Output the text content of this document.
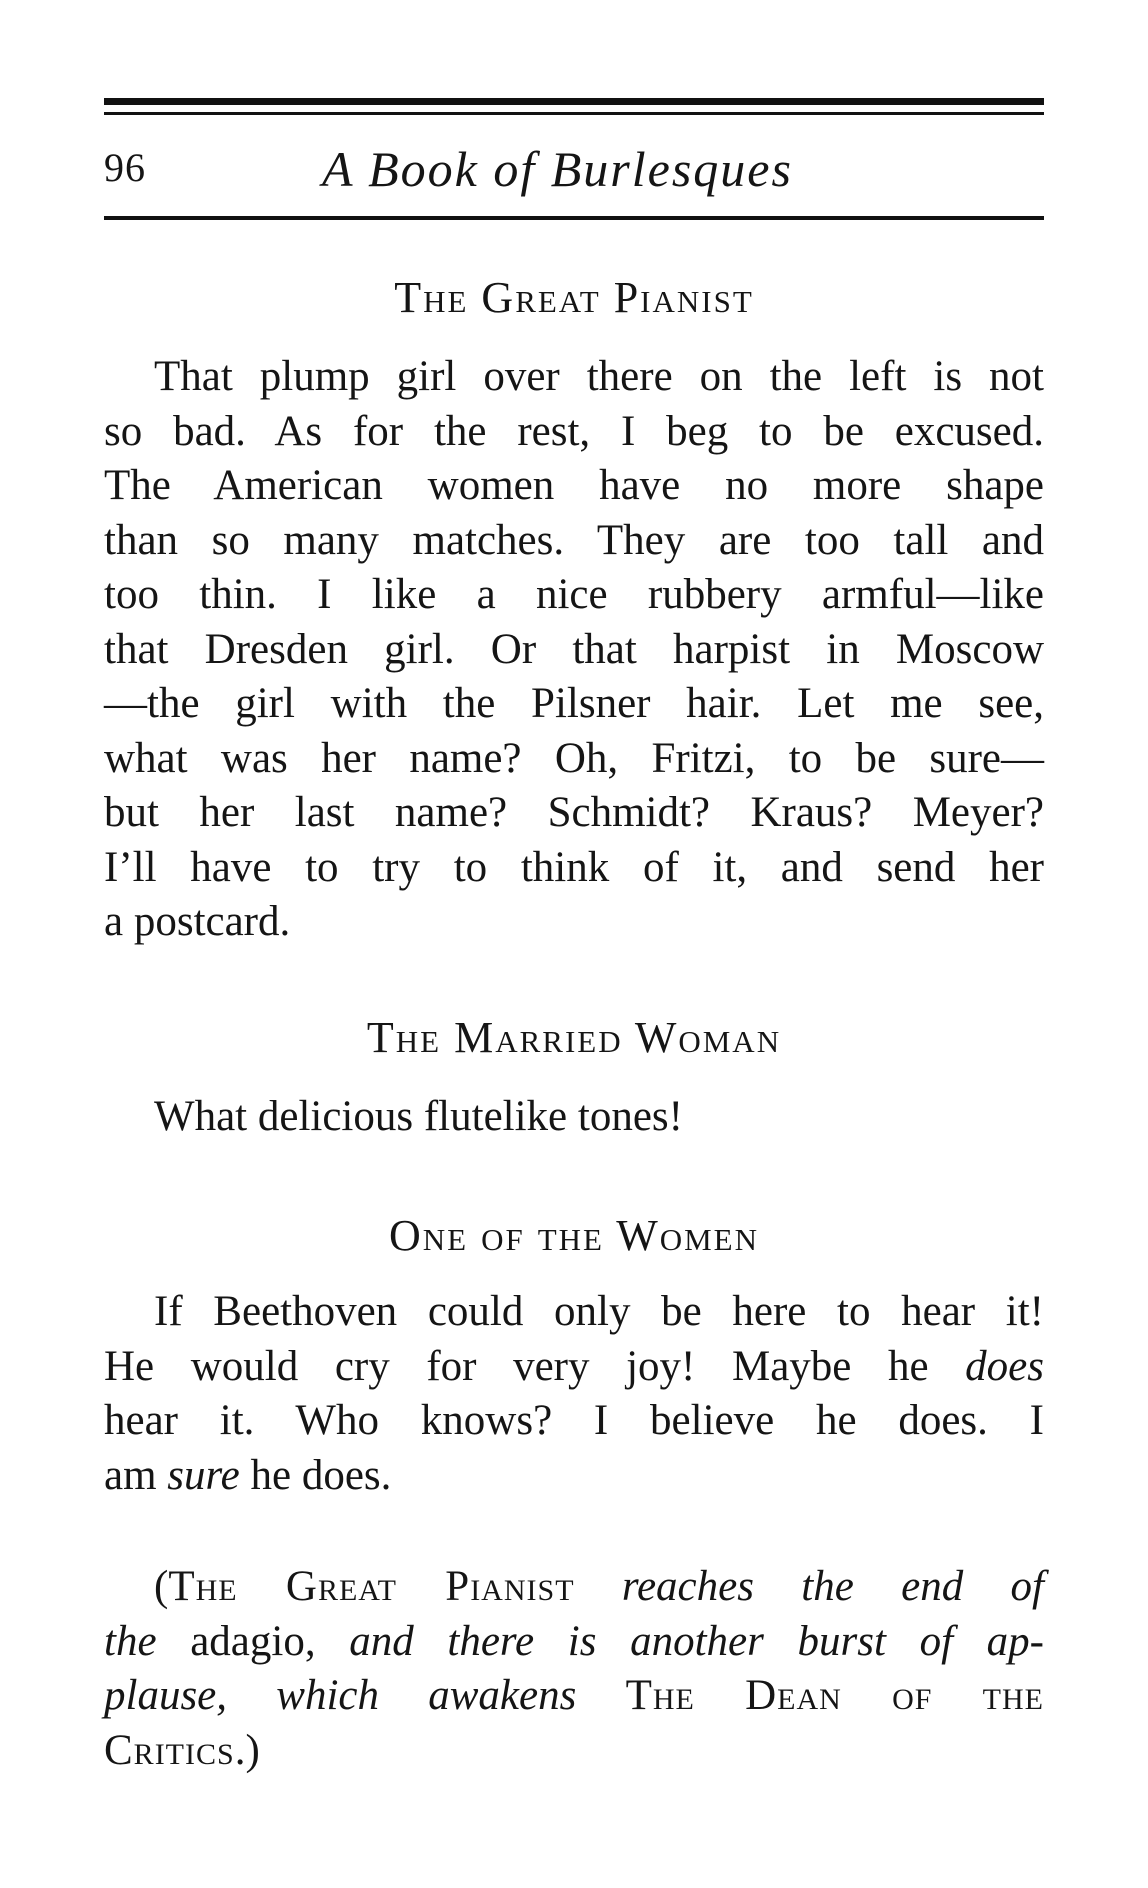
96	A Book of Burlesques

The Great Pianist

That plump girl over there on the left is not
so bad. As for the rest, I beg to be excused.
The American women have no more shape
than so many matches. They are too tall and
too thin. I like a nice rubbery armful—like
that Dresden girl. Or that harpist in Moscow
—the girl with the Pilsner hair. Let me see,
what was her name? Oh, Fritzi, to be sure—
but her last name? Schmidt? Kraus? Meyer?
I’ll have to try to think of it, and send her
a postcard.

The Married Woman

What delicious flutelike tones!

One of the Women

If Beethoven could only be here to hear it!
He would cry for very joy! Maybe he does
hear it. Who knows? I believe he does. I
am sure he does.

(The Great Pianist reaches the end of
the adagio, and there is another burst of ap-
plause, which awakens The Dean of the
Critics.)
